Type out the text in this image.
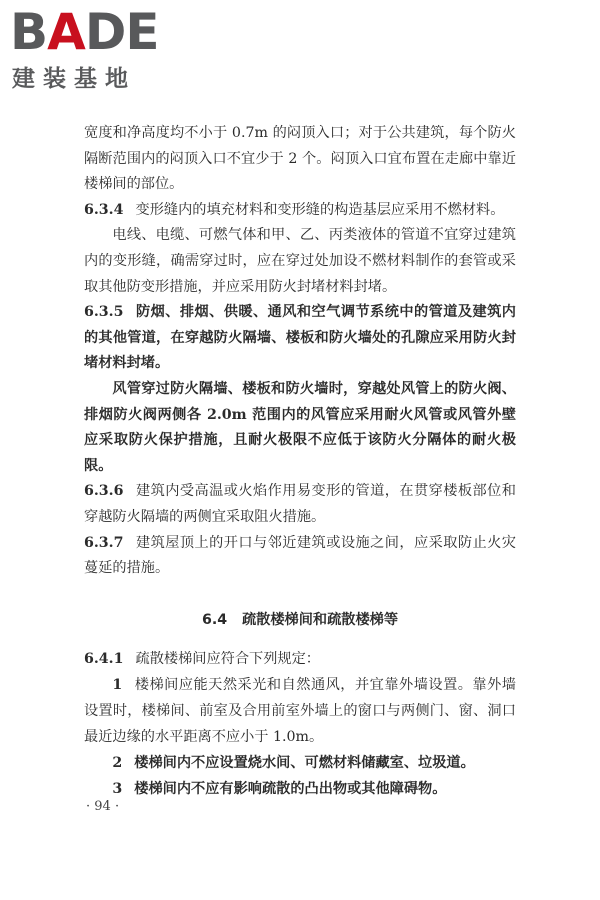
BADE
建装基地

宽度和净高度均不小于 0.7m 的闷顶入口；对于公共建筑，每个防火隔断范围内的闷顶入口不宜少于 2 个。闷顶入口宜布置在走廊中靠近楼梯间的部位。

6.3.4 变形缝内的填充材料和变形缝的构造基层应采用不燃材料。

电线、电缆、可燃气体和甲、乙、丙类液体的管道不宜穿过建筑内的变形缝，确需穿过时，应在穿过处加设不燃材料制作的套管或采取其他防变形措施，并应采用防火封堵材料封堵。

6.3.5 防烟、排烟、供暖、通风和空气调节系统中的管道及建筑内的其他管道，在穿越防火隔墙、楼板和防火墙处的孔隙应采用防火封堵材料封堵。

风管穿过防火隔墙、楼板和防火墙时，穿越处风管上的防火阀、排烟防火阀两侧各 2.0m 范围内的风管应采用耐火风管或风管外壁应采取防火保护措施，且耐火极限不应低于该防火分隔体的耐火极限。

6.3.6 建筑内受高温或火焰作用易变形的管道，在贯穿楼板部位和穿越防火隔墙的两侧宜采取阻火措施。

6.3.7 建筑屋顶上的开口与邻近建筑或设施之间，应采取防止火灾蔓延的措施。

6.4 疏散楼梯间和疏散楼梯等

6.4.1 疏散楼梯间应符合下列规定：

1 楼梯间应能天然采光和自然通风，并宜靠外墙设置。靠外墙设置时，楼梯间、前室及合用前室外墙上的窗口与两侧门、窗、洞口最近边缘的水平距离不应小于 1.0m。

2 楼梯间内不应设置烧水间、可燃材料储藏室、垃圾道。

3 楼梯间内不应有影响疏散的凸出物或其他障碍物。

· 94 ·
